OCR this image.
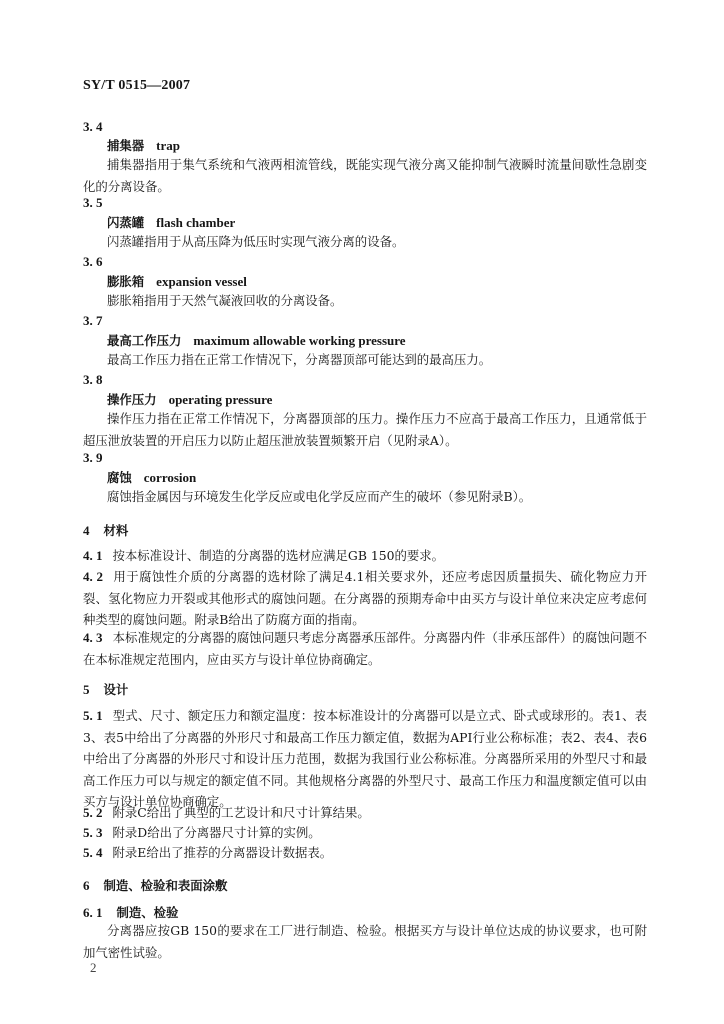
SY/T 0515—2007
3. 4
捕集器 trap
捕集器指用于集气系统和气液两相流管线，既能实现气液分离又能抑制气液瞬时流量间歇性急剧变化的分离设备。
3. 5
闪蒸罐 flash chamber
闪蒸罐指用于从高压降为低压时实现气液分离的设备。
3. 6
膨胀箱 expansion vessel
膨胀箱指用于天然气凝液回收的分离设备。
3. 7
最高工作压力 maximum allowable working pressure
最高工作压力指在正常工作情况下，分离器顶部可能达到的最高压力。
3. 8
操作压力 operating pressure
操作压力指在正常工作情况下，分离器顶部的压力。操作压力不应高于最高工作压力，且通常低于超压泄放装置的开启压力以防止超压泄放装置频繁开启（见附录A）。
3. 9
腐蚀 corrosion
腐蚀指金属因与环境发生化学反应或电化学反应而产生的破坏（参见附录B）。
4 材料
4. 1 按本标准设计、制造的分离器的选材应满足GB 150的要求。
4. 2 用于腐蚀性介质的分离器的选材除了满足4.1相关要求外，还应考虑因质量损失、硫化物应力开裂、氢化物应力开裂或其他形式的腐蚀问题。在分离器的预期寿命中由买方与设计单位来决定应考虑何种类型的腐蚀问题。附录B给出了防腐方面的指南。
4. 3 本标准规定的分离器的腐蚀问题只考虑分离器承压部件。分离器内件（非承压部件）的腐蚀问题不在本标准规定范围内，应由买方与设计单位协商确定。
5 设计
5. 1 型式、尺寸、额定压力和额定温度：按本标准设计的分离器可以是立式、卧式或球形的。表1、表3、表5中给出了分离器的外形尺寸和最高工作压力额定值，数据为API行业公称标准；表2、表4、表6中给出了分离器的外形尺寸和设计压力范围，数据为我国行业公称标准。分离器所采用的外型尺寸和最高工作压力可以与规定的额定值不同。其他规格分离器的外型尺寸、最高工作压力和温度额定值可以由买方与设计单位协商确定。
5. 2 附录C给出了典型的工艺设计和尺寸计算结果。
5. 3 附录D给出了分离器尺寸计算的实例。
5. 4 附录E给出了推荐的分离器设计数据表。
6 制造、检验和表面涂敷
6. 1 制造、检验
分离器应按GB 150的要求在工厂进行制造、检验。根据买方与设计单位达成的协议要求，也可附加气密性试验。
2
